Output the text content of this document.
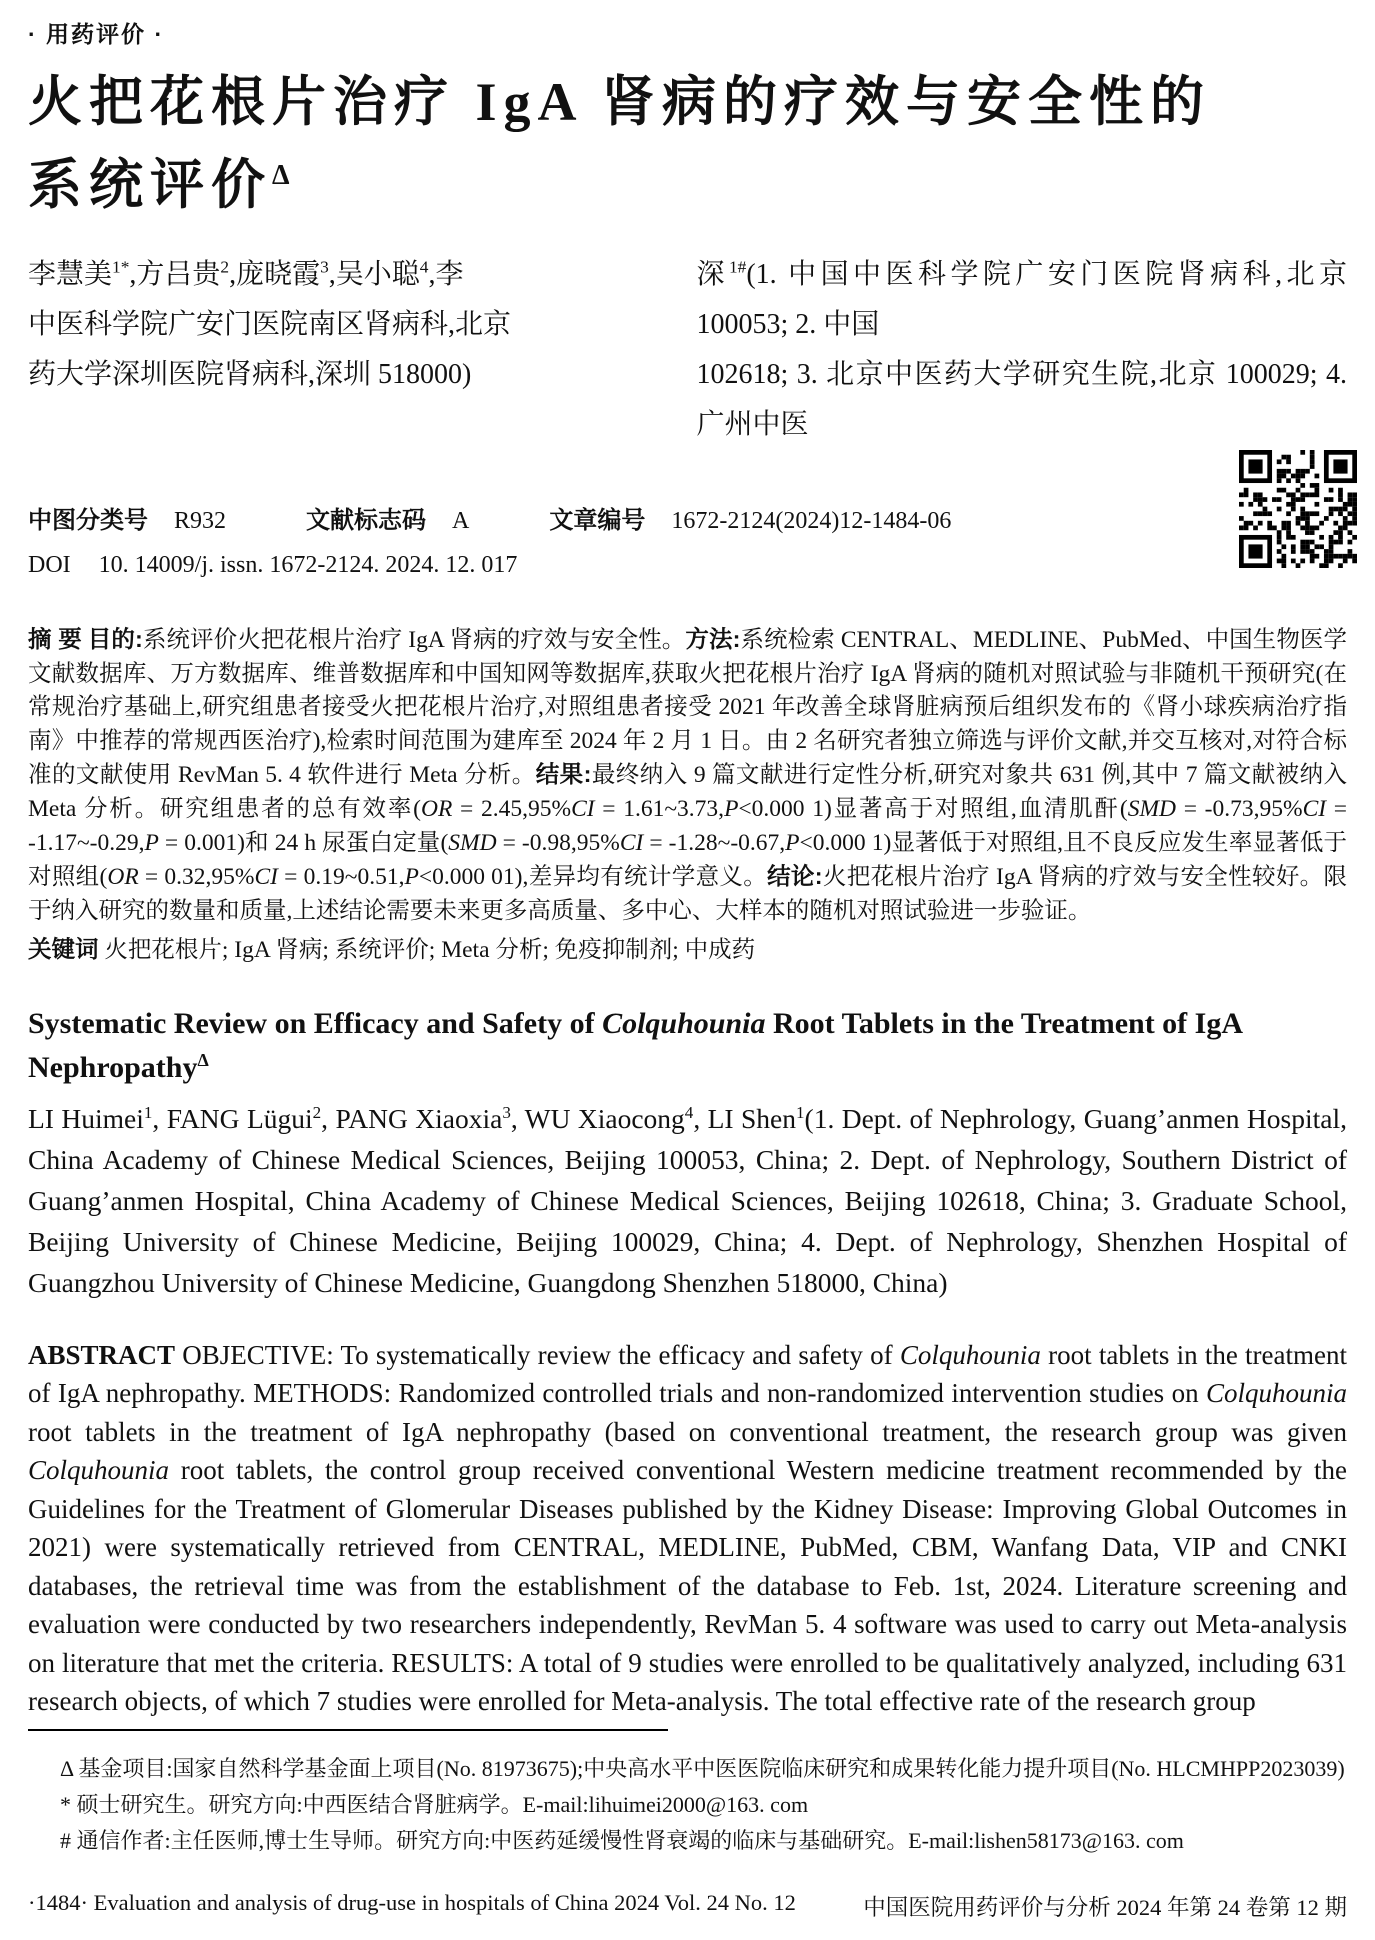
· 用药评价 ·
火把花根片治疗 IgA 肾病的疗效与安全性的
系统评价$^\Delta$
李慧美$^{1*}$,方吕贵$^2$,庞晓霞$^3$,吴小聪$^4$,李
中医科学院广安门医院南区肾病科,北京
药大学深圳医院肾病科,深圳 518000)
深$^{1\#}$(1. 中国中医科学院广安门医院肾病科,北京 100053; 2. 中国
102618; 3. 北京中医药大学研究生院,北京 100029; 4. 广州中医
中图分类号 R932	文献标志码 A	文章编号 1672-2124(2024)12-1484-06
DOI 10. 14009/j. issn. 1672-2124. 2024. 12. 017

摘 要 目的:系统评价火把花根片治疗 IgA 肾病的疗效与安全性。方法:系统检索 CENTRAL、MEDLINE、PubMed、中国生物医学文献数据库、万方数据库、维普数据库和中国知网等数据库,获取火把花根片治疗 IgA 肾病的随机对照试验与非随机干预研究(在常规治疗基础上,研究组患者接受火把花根片治疗,对照组患者接受 2021 年改善全球肾脏病预后组织发布的《肾小球疾病治疗指南》中推荐的常规西医治疗),检索时间范围为建库至 2024 年 2 月 1 日。由 2 名研究者独立筛选与评价文献,并交互核对,对符合标准的文献使用 RevMan 5. 4 软件进行 Meta 分析。结果:最终纳入 9 篇文献进行定性分析,研究对象共 631 例,其中 7 篇文献被纳入 Meta 分析。研究组患者的总有效率(OR = 2.45,95%CI = 1.61~3.73,P<0.000 1)显著高于对照组,血清肌酐(SMD = -0.73,95%CI = -1.17~-0.29,P = 0.001)和 24 h 尿蛋白定量(SMD = -0.98,95%CI = -1.28~-0.67,P<0.000 1)显著低于对照组,且不良反应发生率显著低于对照组(OR = 0.32,95%CI = 0.19~0.51,P<0.000 01),差异均有统计学意义。结论:火把花根片治疗 IgA 肾病的疗效与安全性较好。限于纳入研究的数量和质量,上述结论需要未来更多高质量、多中心、大样本的随机对照试验进一步验证。

关键词 火把花根片; IgA 肾病; 系统评价; Meta 分析; 免疫抑制剂; 中成药

Systematic Review on Efficacy and Safety of Colquhounia Root Tablets in the Treatment of IgA Nephropathy$^\Delta$

LI Huimei$^1$, FANG Lügui$^2$, PANG Xiaoxia$^3$, WU Xiaocong$^4$, LI Shen$^1$(1. Dept. of Nephrology, Guang’anmen Hospital, China Academy of Chinese Medical Sciences, Beijing 100053, China; 2. Dept. of Nephrology, Southern District of Guang’anmen Hospital, China Academy of Chinese Medical Sciences, Beijing 102618, China; 3. Graduate School, Beijing University of Chinese Medicine, Beijing 100029, China; 4. Dept. of Nephrology, Shenzhen Hospital of Guangzhou University of Chinese Medicine, Guangdong Shenzhen 518000, China)

ABSTRACT OBJECTIVE: To systematically review the efficacy and safety of Colquhounia root tablets in the treatment of IgA nephropathy. METHODS: Randomized controlled trials and non-randomized intervention studies on Colquhounia root tablets in the treatment of IgA nephropathy (based on conventional treatment, the research group was given Colquhounia root tablets, the control group received conventional Western medicine treatment recommended by the Guidelines for the Treatment of Glomerular Diseases published by the Kidney Disease: Improving Global Outcomes in 2021) were systematically retrieved from CENTRAL, MEDLINE, PubMed, CBM, Wanfang Data, VIP and CNKI databases, the retrieval time was from the establishment of the database to Feb. 1st, 2024. Literature screening and evaluation were conducted by two researchers independently, RevMan 5. 4 software was used to carry out Meta-analysis on literature that met the criteria. RESULTS: A total of 9 studies were enrolled to be qualitatively analyzed, including 631 research objects, of which 7 studies were enrolled for Meta-analysis. The total effective rate of the research group

Δ 基金项目:国家自然科学基金面上项目(No. 81973675);中央高水平中医医院临床研究和成果转化能力提升项目(No. HLCMHPP2023039)
* 硕士研究生。研究方向:中西医结合肾脏病学。E-mail:lihuimei2000@163. com
# 通信作者:主任医师,博士生导师。研究方向:中医药延缓慢性肾衰竭的临床与基础研究。E-mail:lishen58173@163. com
·1484· Evaluation and analysis of drug-use in hospitals of China 2024 Vol. 24 No. 12	中国医院用药评价与分析 2024 年第 24 卷第 12 期
